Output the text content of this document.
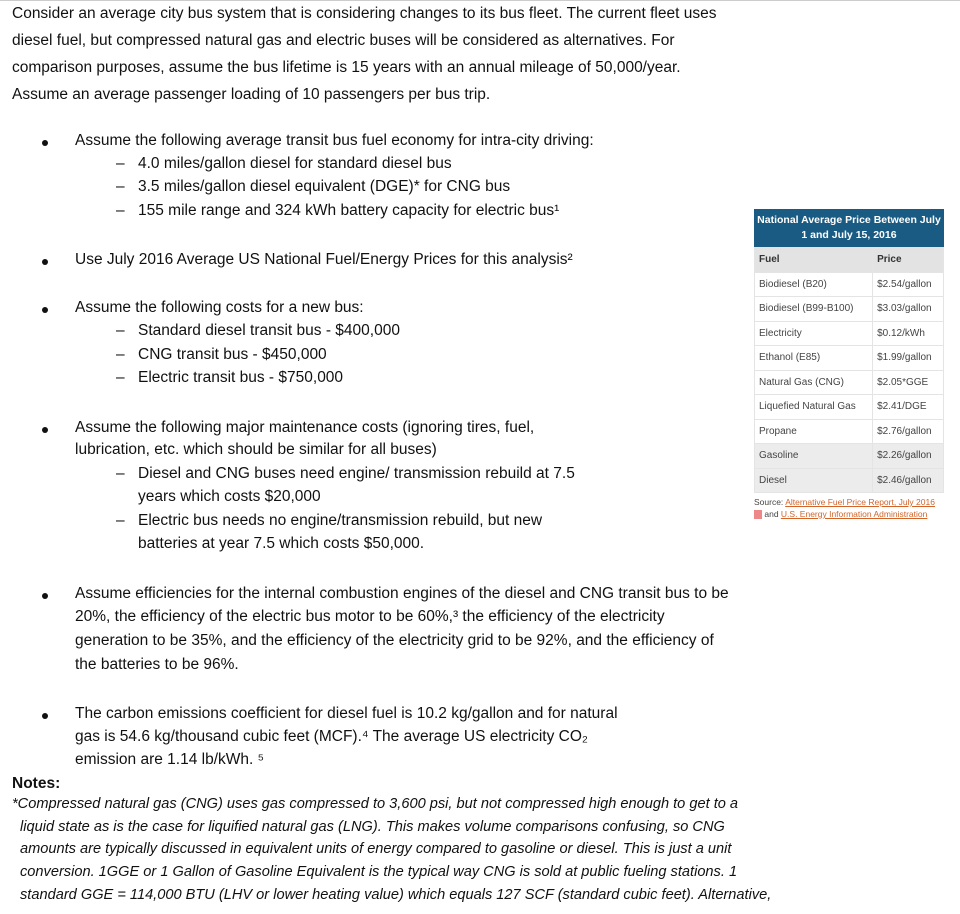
Consider an average city bus system that is considering changes to its bus fleet. The current fleet uses
diesel fuel, but compressed natural gas and electric buses will be considered as alternatives. For
comparison purposes, assume the bus lifetime is 15 years with an annual mileage of 50,000/year.
Assume an average passenger loading of 10 passengers per bus trip.
Assume the following average transit bus fuel economy for intra-city driving:
– 4.0 miles/gallon diesel for standard diesel bus
– 3.5 miles/gallon diesel equivalent (DGE)* for CNG bus
– 155 mile range and 324 kWh battery capacity for electric bus¹
Use July 2016 Average US National Fuel/Energy Prices for this analysis²
Assume the following costs for a new bus:
– Standard diesel transit bus - $400,000
– CNG transit bus - $450,000
– Electric transit bus - $750,000
Assume the following major maintenance costs (ignoring tires, fuel,
lubrication, etc. which should be similar for all buses)
– Diesel and CNG buses need engine/ transmission rebuild at 7.5
years which costs $20,000
– Electric bus needs no engine/transmission rebuild, but new
batteries at year 7.5 which costs $50,000.
Assume efficiencies for the internal combustion engines of the diesel and CNG transit bus to be
20%, the efficiency of the electric bus motor to be 60%,³ the efficiency of the electricity
generation to be 35%, and the efficiency of the electricity grid to be 92%, and the efficiency of
the batteries to be 96%.
The carbon emissions coefficient for diesel fuel is 10.2 kg/gallon and for natural
gas is 54.6 kg/thousand cubic feet (MCF).⁴ The average US electricity CO₂
emission are 1.14 lb/kWh. ⁵
Notes:
*Compressed natural gas (CNG) uses gas compressed to 3,600 psi, but not compressed high enough to get to a
liquid state as is the case for liquified natural gas (LNG). This makes volume comparisons confusing, so CNG
amounts are typically discussed in equivalent units of energy compared to gasoline or diesel. This is just a unit
conversion. 1GGE or 1 Gallon of Gasoline Equivalent is the typical way CNG is sold at public fueling stations. 1
standard GGE = 114,000 BTU (LHV or lower heating value) which equals 127 SCF (standard cubic feet). Alternative,
National Average Price Between July 1 and July 15, 2016
Fuel	Price
Biodiesel (B20)	$2.54/gallon
Biodiesel (B99-B100)	$3.03/gallon
Electricity	$0.12/kWh
Ethanol (E85)	$1.99/gallon
Natural Gas (CNG)	$2.05*GGE
Liquefied Natural Gas	$2.41/DGE
Propane	$2.76/gallon
Gasoline	$2.26/gallon
Diesel	$2.46/gallon
Source: Alternative Fuel Price Report, July 2016  and U.S. Energy Information Administration
